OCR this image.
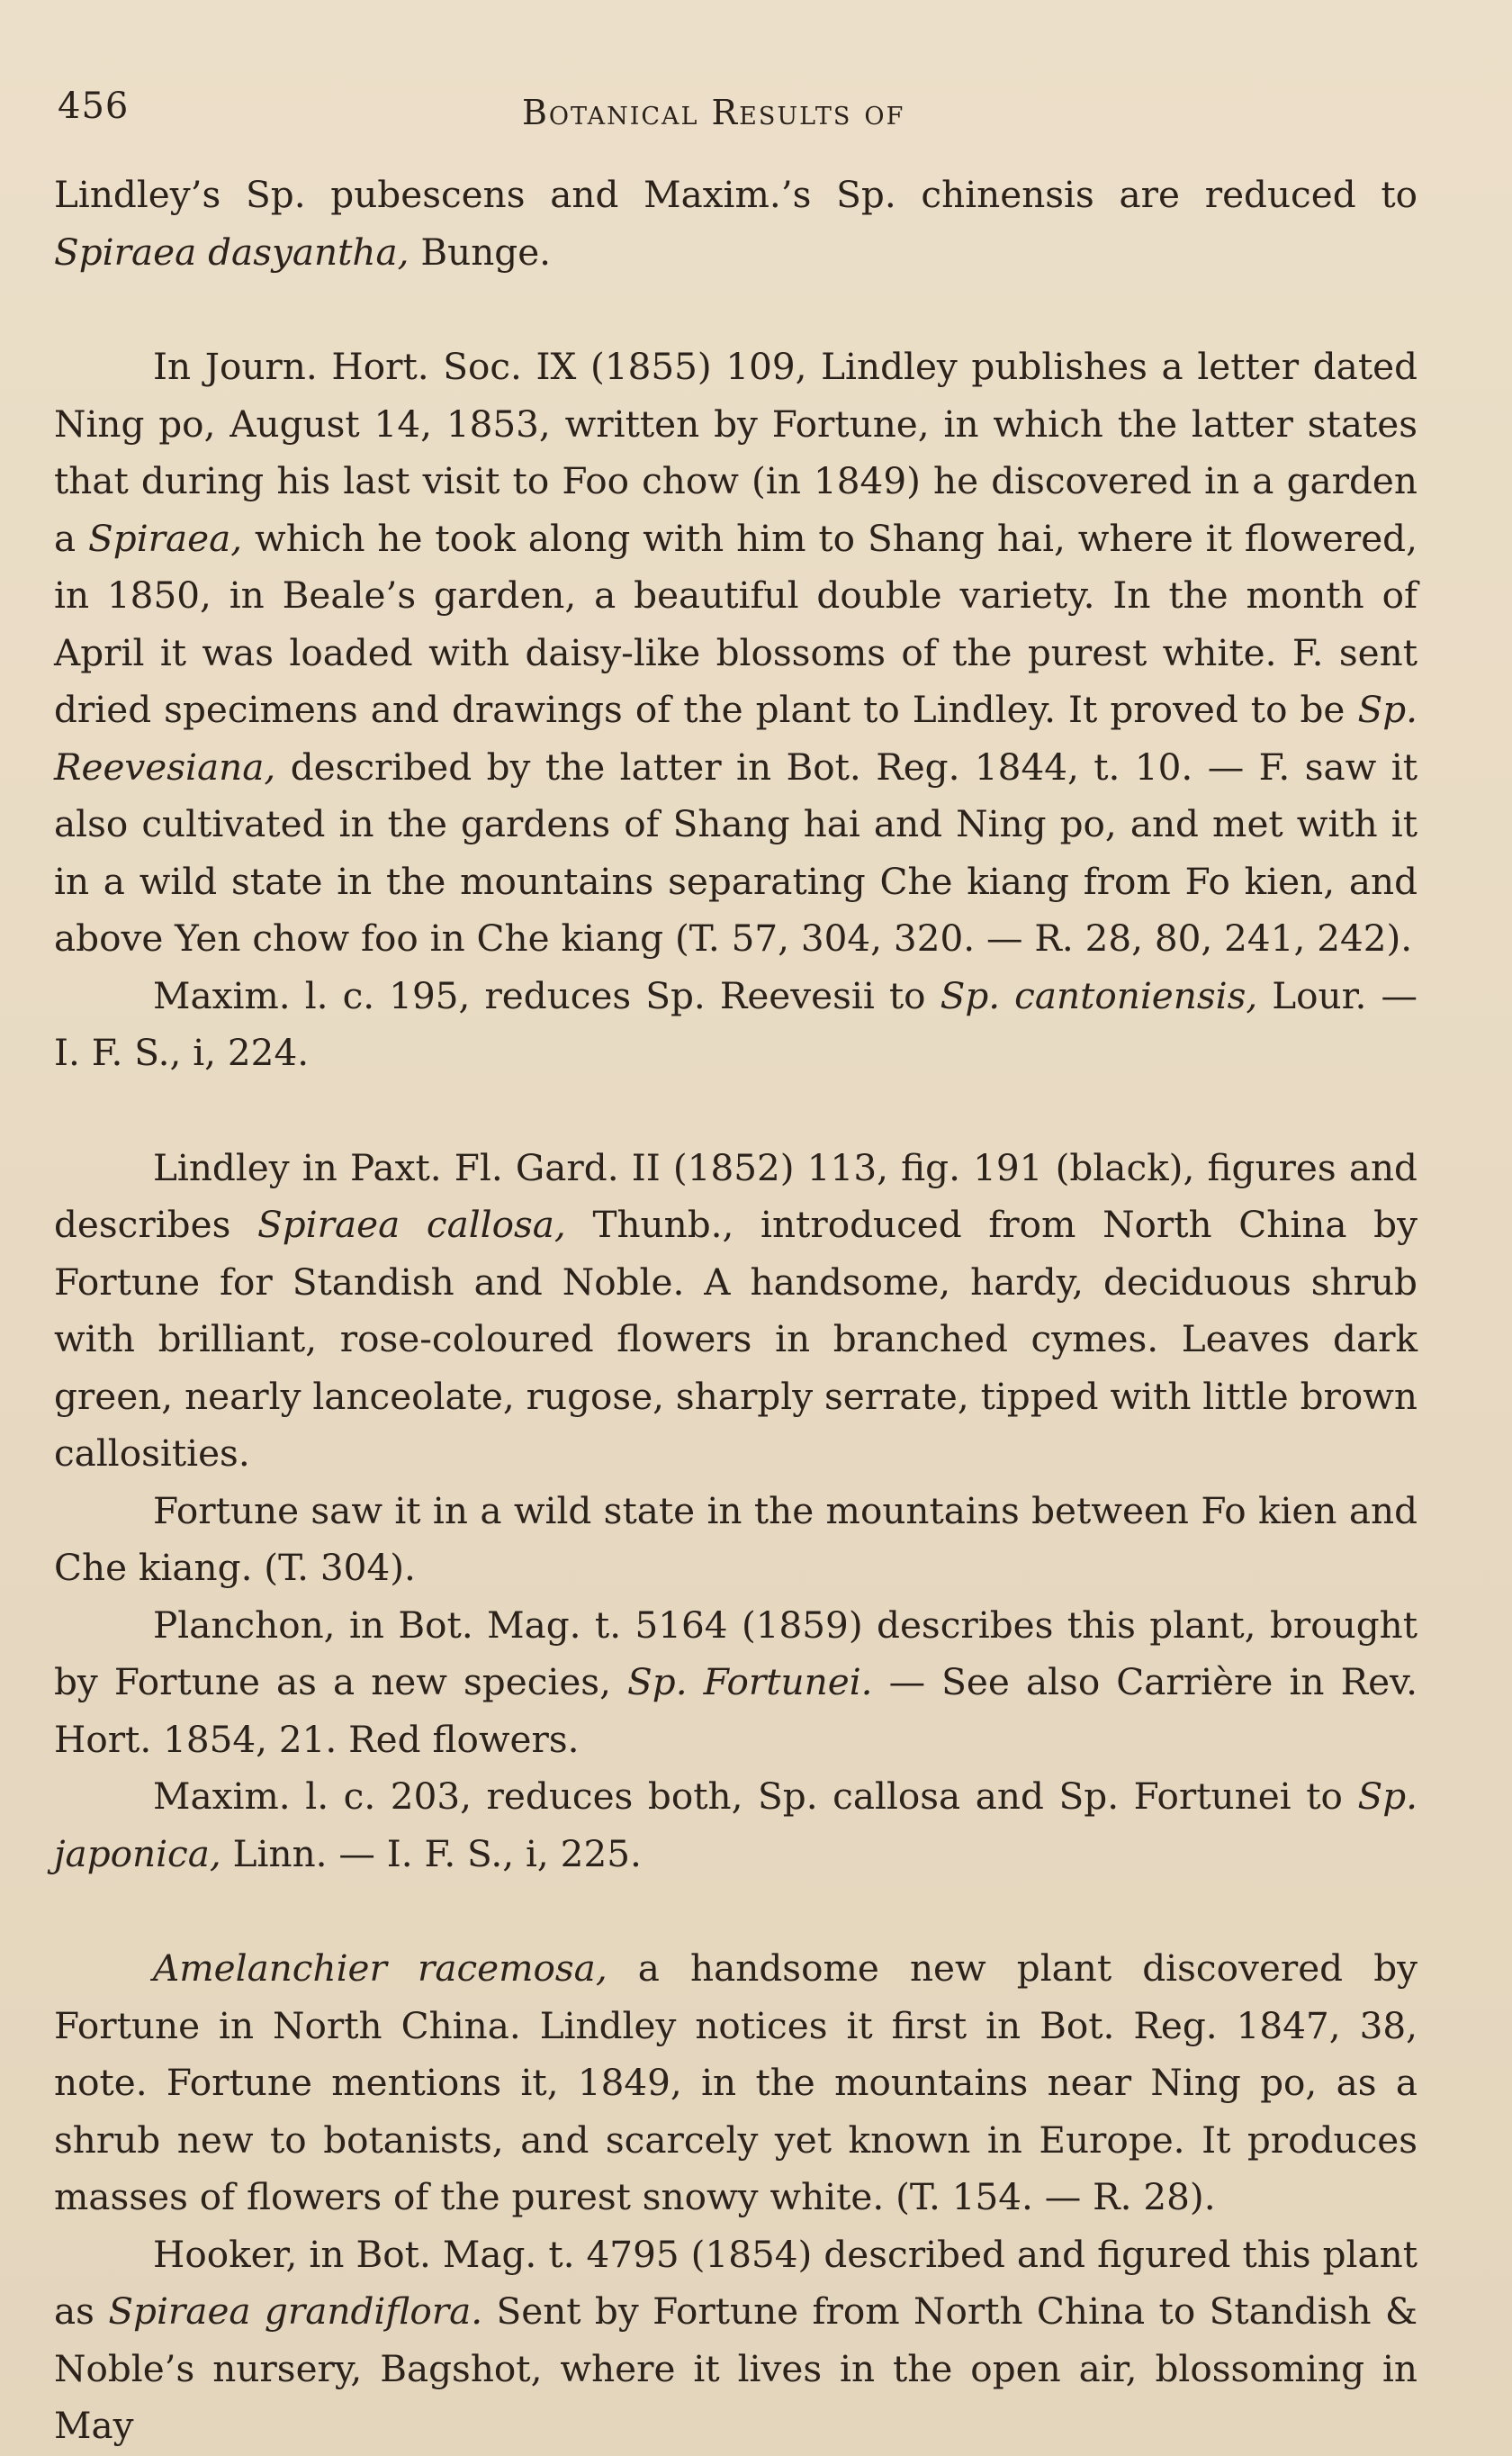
456	Botanical Results of

Lindley’s Sp. pubescens and Maxim.’s Sp. chinensis are reduced to Spiraea dasyantha, Bunge.

In Journ. Hort. Soc. IX (1855) 109, Lindley publishes a letter dated Ning po, August 14, 1853, written by Fortune, in which the latter states that during his last visit to Foo chow (in 1849) he discovered in a garden a Spiraea, which he took along with him to Shang hai, where it flowered, in 1850, in Beale’s garden, a beautiful double variety. In the month of April it was loaded with daisy-like blossoms of the purest white. F. sent dried specimens and drawings of the plant to Lindley. It proved to be Sp. Reevesiana, described by the latter in Bot. Reg. 1844, t. 10. — F. saw it also cultivated in the gardens of Shang hai and Ning po, and met with it in a wild state in the mountains separating Che kiang from Fo kien, and above Yen chow foo in Che kiang (T. 57, 304, 320. — R. 28, 80, 241, 242).

Maxim. l. c. 195, reduces Sp. Reevesii to Sp. cantoniensis, Lour. — I. F. S., i, 224.

Lindley in Paxt. Fl. Gard. II (1852) 113, fig. 191 (black), figures and describes Spiraea callosa, Thunb., introduced from North China by Fortune for Standish and Noble. A handsome, hardy, deciduous shrub with brilliant, rose-coloured flowers in branched cymes. Leaves dark green, nearly lanceolate, rugose, sharply serrate, tipped with little brown callosities.

Fortune saw it in a wild state in the mountains between Fo kien and Che kiang. (T. 304).

Planchon, in Bot. Mag. t. 5164 (1859) describes this plant, brought by Fortune as a new species, Sp. Fortunei. — See also Carrière in Rev. Hort. 1854, 21. Red flowers.

Maxim. l. c. 203, reduces both, Sp. callosa and Sp. Fortunei to Sp. japonica, Linn. — I. F. S., i, 225.

Amelanchier racemosa, a handsome new plant discovered by Fortune in North China. Lindley notices it first in Bot. Reg. 1847, 38, note. Fortune mentions it, 1849, in the mountains near Ning po, as a shrub new to botanists, and scarcely yet known in Europe. It produces masses of flowers of the purest snowy white. (T. 154. — R. 28).

Hooker, in Bot. Mag. t. 4795 (1854) described and figured this plant as Spiraea grandiflora. Sent by Fortune from North China to Standish & Noble’s nursery, Bagshot, where it lives in the open air, blossoming in May
